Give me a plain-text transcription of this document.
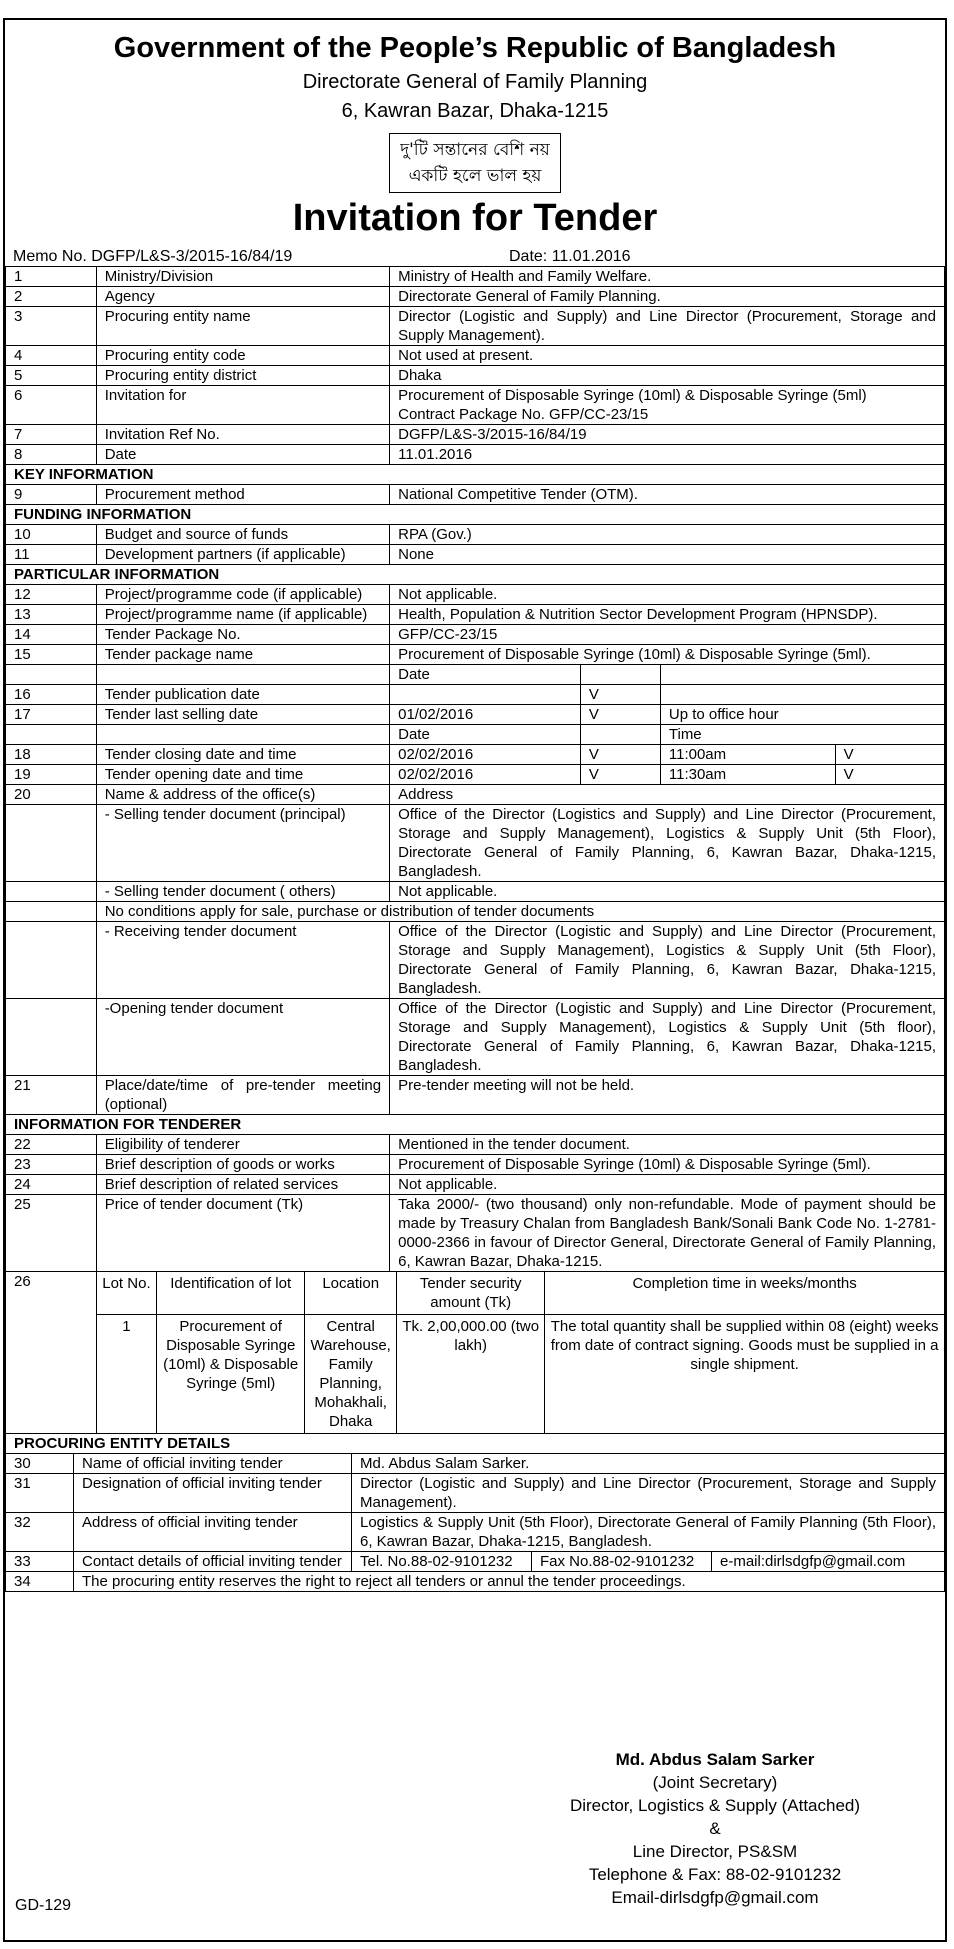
Government of the People’s Republic of Bangladesh
Directorate General of Family Planning
6, Kawran Bazar, Dhaka-1215
দু'টি সন্তানের বেশি নয়
একটি হলে ভাল হয়
Invitation for Tender
Memo No. DGFP/L&S-3/2015-16/84/19	Date: 11.01.2016
1	Ministry/Division	Ministry of Health and Family Welfare.
2	Agency	Directorate General of Family Planning.
3	Procuring entity name	Director (Logistic and Supply) and Line Director (Procurement, Storage and Supply Management).
4	Procuring entity code	Not used at present.
5	Procuring entity district	Dhaka
6	Invitation for	Procurement of Disposable Syringe (10ml) & Disposable Syringe (5ml)
Contract Package No. GFP/CC-23/15

7	Invitation Ref No.	DGFP/L&S-3/2015-16/84/19
8	Date	11.01.2016
KEY INFORMATION
9	Procurement method	National Competitive Tender (OTM).
FUNDING INFORMATION
10	Budget and source of funds	RPA (Gov.)
11	Development partners (if applicable)	None
PARTICULAR INFORMATION
12	Project/programme code (if applicable)	Not applicable.
13	Project/programme name (if applicable)	Health, Population & Nutrition Sector Development Program (HPNSDP).
14	Tender Package No.	GFP/CC-23/15
15	Tender package name	Procurement of Disposable Syringe (10ml) & Disposable Syringe (5ml).
		Date		
16	Tender publication date		V	
17	Tender last selling date	01/02/2016	V	Up to office hour
		Date		Time
18	Tender closing date and time	02/02/2016	V	11:00am	V
19	Tender opening date and time	02/02/2016	V	11:30am	V
20	Name & address of the office(s)	Address
	- Selling tender document (principal)	Office of the Director (Logistics and Supply) and Line Director (Procurement, Storage and Supply Management), Logistics & Supply Unit (5th Floor), Directorate General of Family Planning, 6, Kawran Bazar, Dhaka-1215, Bangladesh.
	- Selling tender document ( others)	Not applicable.
	No conditions apply for sale, purchase or distribution of tender documents
	- Receiving tender document	Office of the Director (Logistic and Supply) and Line Director (Procurement, Storage and Supply Management), Logistics & Supply Unit (5th Floor), Directorate General of Family Planning, 6, Kawran Bazar, Dhaka-1215, Bangladesh.
	-Opening tender document	Office of the Director (Logistic and Supply) and Line Director (Procurement, Storage and Supply Management), Logistics & Supply Unit (5th floor), Directorate General of Family Planning, 6, Kawran Bazar, Dhaka-1215, Bangladesh.
21	Place/date/time of pre-tender meeting (optional)	Pre-tender meeting will not be held.
INFORMATION FOR TENDERER
22	Eligibility of tenderer	Mentioned in the tender document.
23	Brief description of goods or works	Procurement of Disposable Syringe (10ml) & Disposable Syringe (5ml).
24	Brief description of related services	Not applicable.
25	Price of tender document (Tk)	Taka 2000/- (two thousand) only non-refundable. Mode of payment should be made by Treasury Chalan from Bangladesh Bank/Sonali Bank Code No. 1-2781-0000-2366 in favour of Director General, Directorate General of Family Planning, 6, Kawran Bazar, Dhaka-1215.
26		Lot No.	Identification of lot	Location	Tender security amount (Tk)	Completion time in weeks/months
1	Procurement of Disposable Syringe (10ml) & Disposable Syringe (5ml)	Central Warehouse, Family Planning, Mohakhali, Dhaka	Tk. 2,00,000.00 (two lakh)	The total quantity shall be supplied within 08 (eight) weeks from date of contract signing. Goods must be supplied in a single shipment.

PROCURING ENTITY DETAILS
30	Name of official inviting tender	Md. Abdus Salam Sarker.		
31	Designation of official inviting tender	Director (Logistic and Supply) and Line Director (Procurement, Storage and Supply Management).		
32	Address of official inviting tender	Logistics & Supply Unit (5th Floor), Directorate General of Family Planning (5th Floor), 6, Kawran Bazar, Dhaka-1215, Bangladesh.		
33	Contact details of official inviting tender	Tel. No.88-02-9101232	Fax No.88-02-9101232	e-mail:dirlsdgfp@gmail.com
34	The procuring entity reserves the right to reject all tenders or annul the tender proceedings.			
Md. Abdus Salam Sarker
(Joint Secretary)
Director, Logistics & Supply (Attached)
&
Line Director, PS&SM
Telephone & Fax: 88-02-9101232
Email-dirlsdgfp@gmail.com
GD-129
